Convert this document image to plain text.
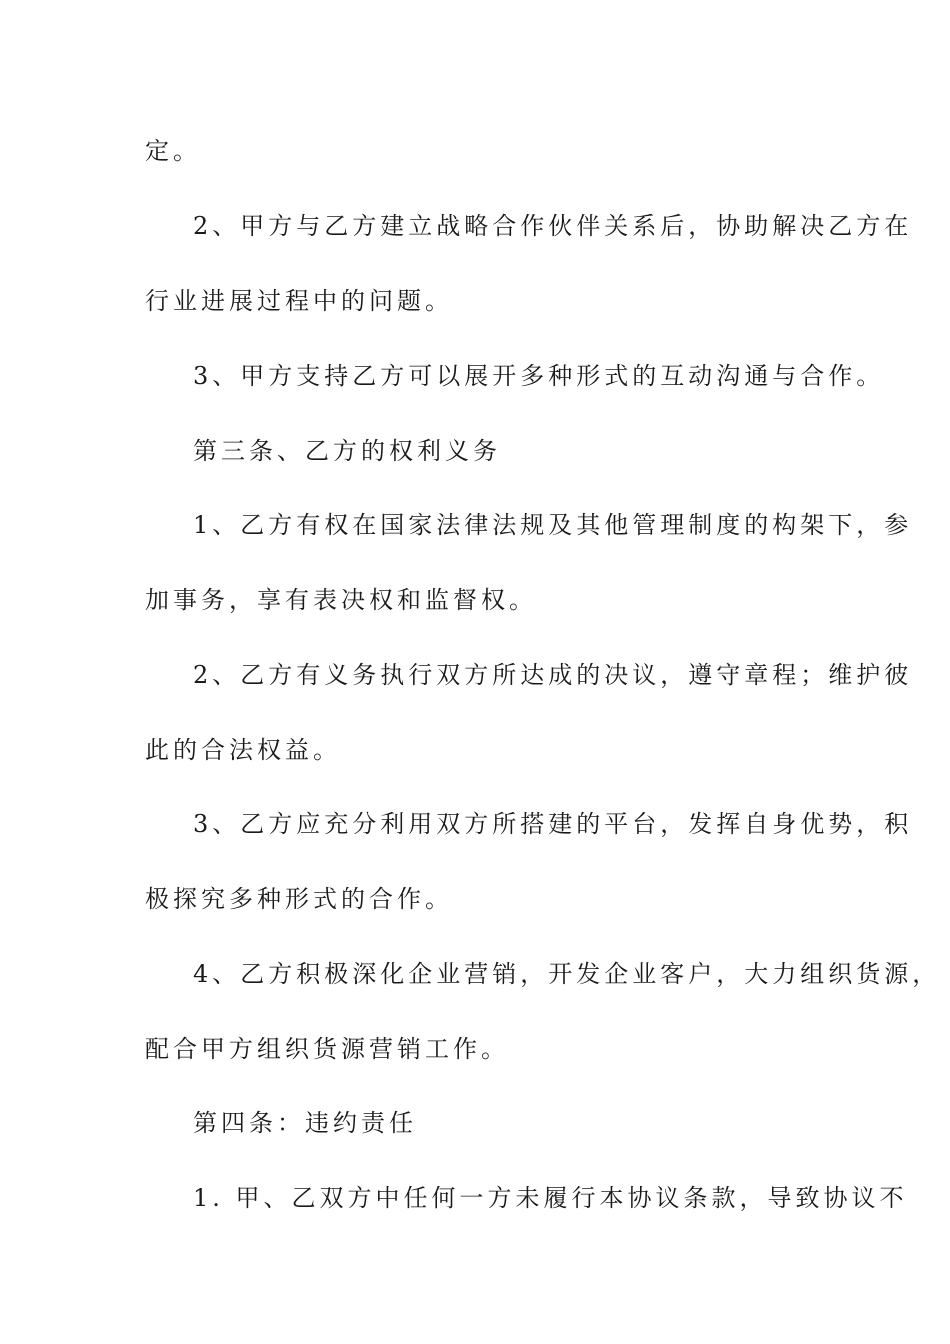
定。
2、甲方与乙方建立战略合作伙伴关系后，协助解决乙方在
行业进展过程中的问题。
3、甲方支持乙方可以展开多种形式的互动沟通与合作。
第三条、乙方的权利义务
1、乙方有权在国家法律法规及其他管理制度的构架下，参
加事务，享有表决权和监督权。
2、乙方有义务执行双方所达成的决议，遵守章程；维护彼
此的合法权益。
3、乙方应充分利用双方所搭建的平台，发挥自身优势，积
极探究多种形式的合作。
4、乙方积极深化企业营销，开发企业客户，大力组织货源，
配合甲方组织货源营销工作。
第四条：违约责任
1. 甲、乙双方中任何一方未履行本协议条款，导致协议不
